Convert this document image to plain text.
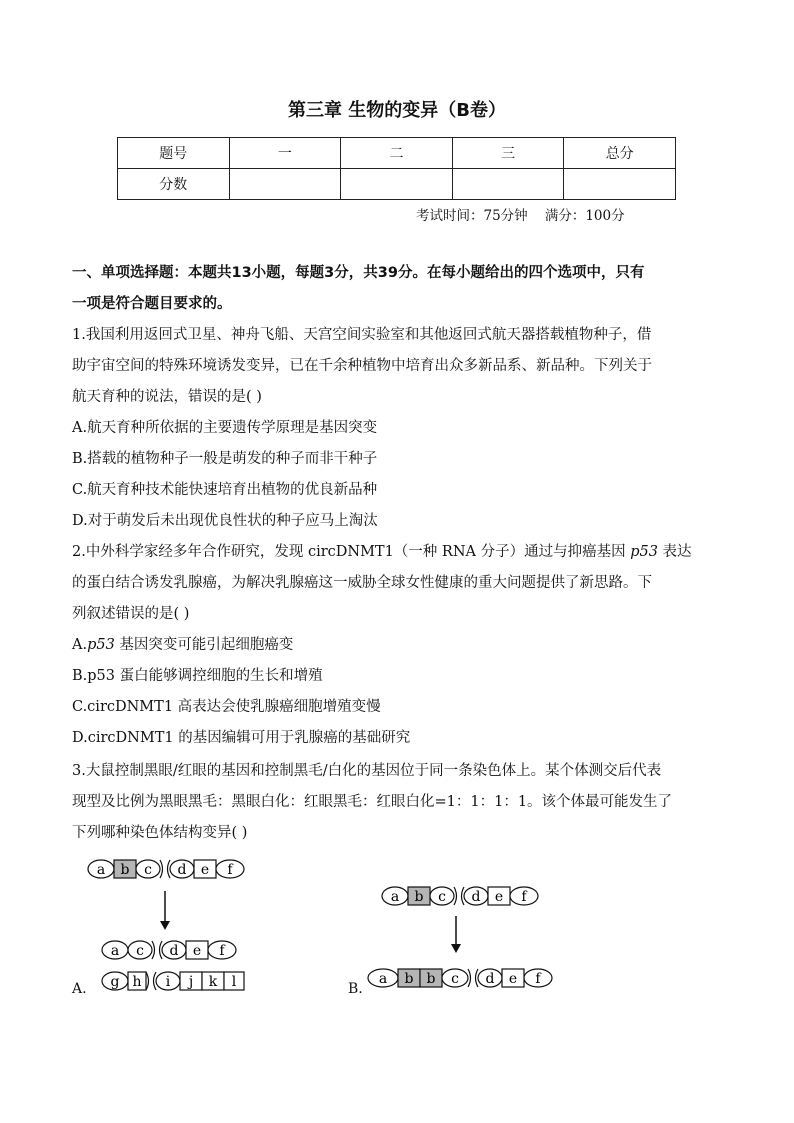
第三章 生物的变异（B卷）
题号	一	二	三	总分
分数				
考试时间：75分钟    满分：100分
一、单项选择题：本题共13小题，每题3分，共39分。在每小题给出的四个选项中，只有
一项是符合题目要求的。
1.我国利用返回式卫星、神舟飞船、天宫空间实验室和其他返回式航天器搭载植物种子，借
助宇宙空间的特殊环境诱发变异，已在千余种植物中培育出众多新品系、新品种。下列关于
航天育种的说法，错误的是( )
A.航天育种所依据的主要遗传学原理是基因突变
B.搭载的植物种子一般是萌发的种子而非干种子
C.航天育种技术能快速培育出植物的优良新品种
D.对于萌发后未出现优良性状的种子应马上淘汰
2.中外科学家经多年合作研究，发现 circDNMT1（一种 RNA 分子）通过与抑癌基因 p53 表达
的蛋白结合诱发乳腺癌，为解决乳腺癌这一威胁全球女性健康的重大问题提供了新思路。下
列叙述错误的是( )
A.p53 基因突变可能引起细胞癌变
B.p53 蛋白能够调控细胞的生长和增殖
C.circDNMT1 高表达会使乳腺癌细胞增殖变慢
D.circDNMT1 的基因编辑可用于乳腺癌的基础研究
3.大鼠控制黑眼/红眼的基因和控制黑毛/白化的基因位于同一条染色体上。某个体测交后代表
现型及比例为黑眼黑毛：黑眼白化：红眼黑毛：红眼白化=1：1：1：1。该个体最可能发生了
下列哪种染色体结构变异( )
A.
a b c d e f
a c d e f
g h i j k l	B.
a b c d e f
a b b c d e f
